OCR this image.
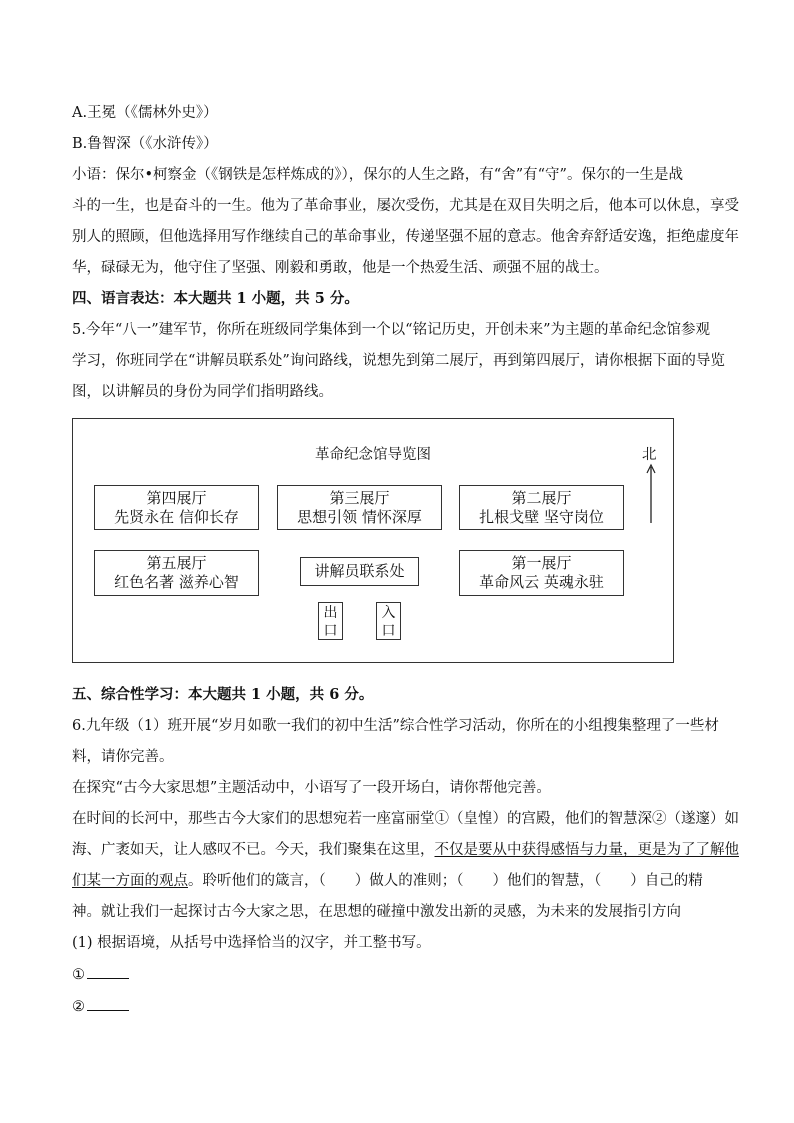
A.王冕（《儒林外史》）
B.鲁智深（《水浒传》）
小语：保尔•柯察金（《钢铁是怎样炼成的》），保尔的人生之路，有“舍”有“守”。保尔的一生是战
斗的一生，也是奋斗的一生。他为了革命事业，屡次受伤，尤其是在双目失明之后，他本可以休息，享受
别人的照顾，但他选择用写作继续自己的革命事业，传递坚强不屈的意志。他舍弃舒适安逸，拒绝虚度年
华，碌碌无为，他守住了坚强、刚毅和勇敢，他是一个热爱生活、顽强不屈的战士。
四、语言表达：本大题共 1 小题，共 5 分。
5.今年“八一”建军节，你所在班级同学集体到一个以“铭记历史，开创未来”为主题的革命纪念馆参观
学习，你班同学在“讲解员联系处”询问路线，说想先到第二展厅，再到第四展厅，请你根据下面的导览
图，以讲解员的身份为同学们指明路线。
革命纪念馆导览图	北
第四展厅
先贤永在 信仰长存
第三展厅
思想引领 情怀深厚
第二展厅
扎根戈壁 坚守岗位
第五展厅
红色名著 滋养心智
讲解员联系处	第一展厅
革命风云 英魂永驻
出
口
入
口
五、综合性学习：本大题共 1 小题，共 6 分。
6.九年级（1）班开展“岁月如歌一我们的初中生活”综合性学习活动，你所在的小组搜集整理了一些材
料，请你完善。
在探究“古今大家思想”主题活动中，小语写了一段开场白，请你帮他完善。
在时间的长河中，那些古今大家们的思想宛若一座富丽堂①（皇惶）的宫殿，他们的智慧深②（遂邃）如
海、广袤如天，让人感叹不已。今天，我们聚集在这里，不仅是要从中获得感悟与力量，更是为了了解他
们某一方面的观点。聆听他们的箴言，（　　）做人的准则；（　　）他们的智慧，（　　）自己的精
神。就让我们一起探讨古今大家之思，在思想的碰撞中激发出新的灵感，为未来的发展指引方向
(1) 根据语境，从括号中选择恰当的汉字，并工整书写。
①
②
